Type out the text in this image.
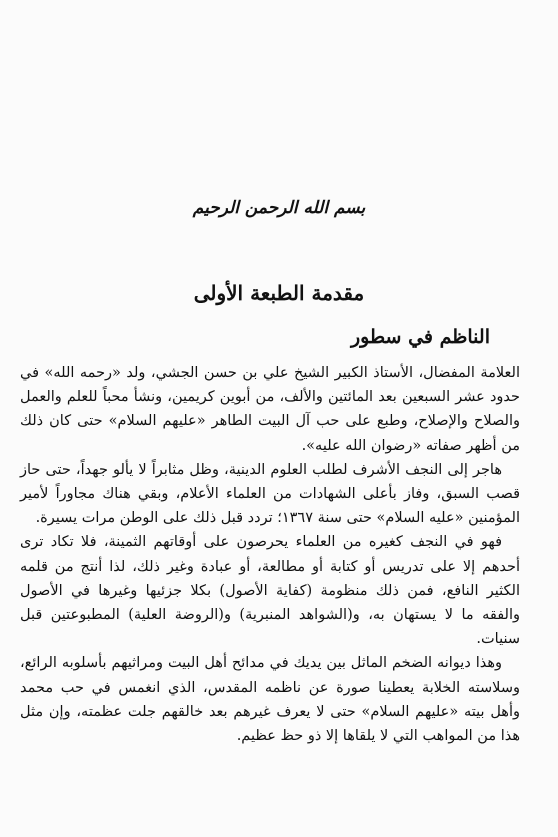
بسم الله الرحمن الرحيم
مقدمة الطبعة الأولى
الناظم في سطور

العلامة المفضال، الأستاذ الكبير الشيخ علي بن حسن الجشي، ولد «رحمه الله» في حدود عشر السبعين بعد المائتين والألف، من أبوين كريمين، ونشأ محباً للعلم والعمل والصلاح والإصلاح، وطبع على حب آل البيت الطاهر «عليهم السلام» حتى كان ذلك من أظهر صفاته «رضوان الله عليه».

هاجر إلى النجف الأشرف لطلب العلوم الدينية، وظل مثابراً لا يألو جهداً، حتى حاز قصب السبق، وفاز بأعلى الشهادات من العلماء الأعلام، وبقي هناك مجاوراً لأمير المؤمنين «عليه السلام» حتى سنة ١٣٦٧؛ تردد قبل ذلك على الوطن مرات يسيرة.

فهو في النجف كغيره من العلماء يحرصون على أوقاتهم الثمينة، فلا تكاد ترى أحدهم إلا على تدريس أو كتابة أو مطالعة، أو عبادة وغير ذلك، لذا أنتج من قلمه الكثير النافع، فمن ذلك منظومة (كفاية الأصول) بكلا جزئيها وغيرها في الأصول والفقه ما لا يستهان به، و(الشواهد المنبرية) و(الروضة العلية) المطبوعتين قبل سنيات.

وهذا ديوانه الضخم الماثل بين يديك في مدائح أهل البيت ومراثيهم بأسلوبه الرائع، وسلاسته الخلابة يعطينا صورة عن ناظمه المقدس، الذي انغمس في حب محمد وأهل بيته «عليهم السلام» حتى لا يعرف غيرهم بعد خالقهم جلت عظمته، وإن مثل هذا من المواهب التي لا يلقاها إلا ذو حظ عظيم.
